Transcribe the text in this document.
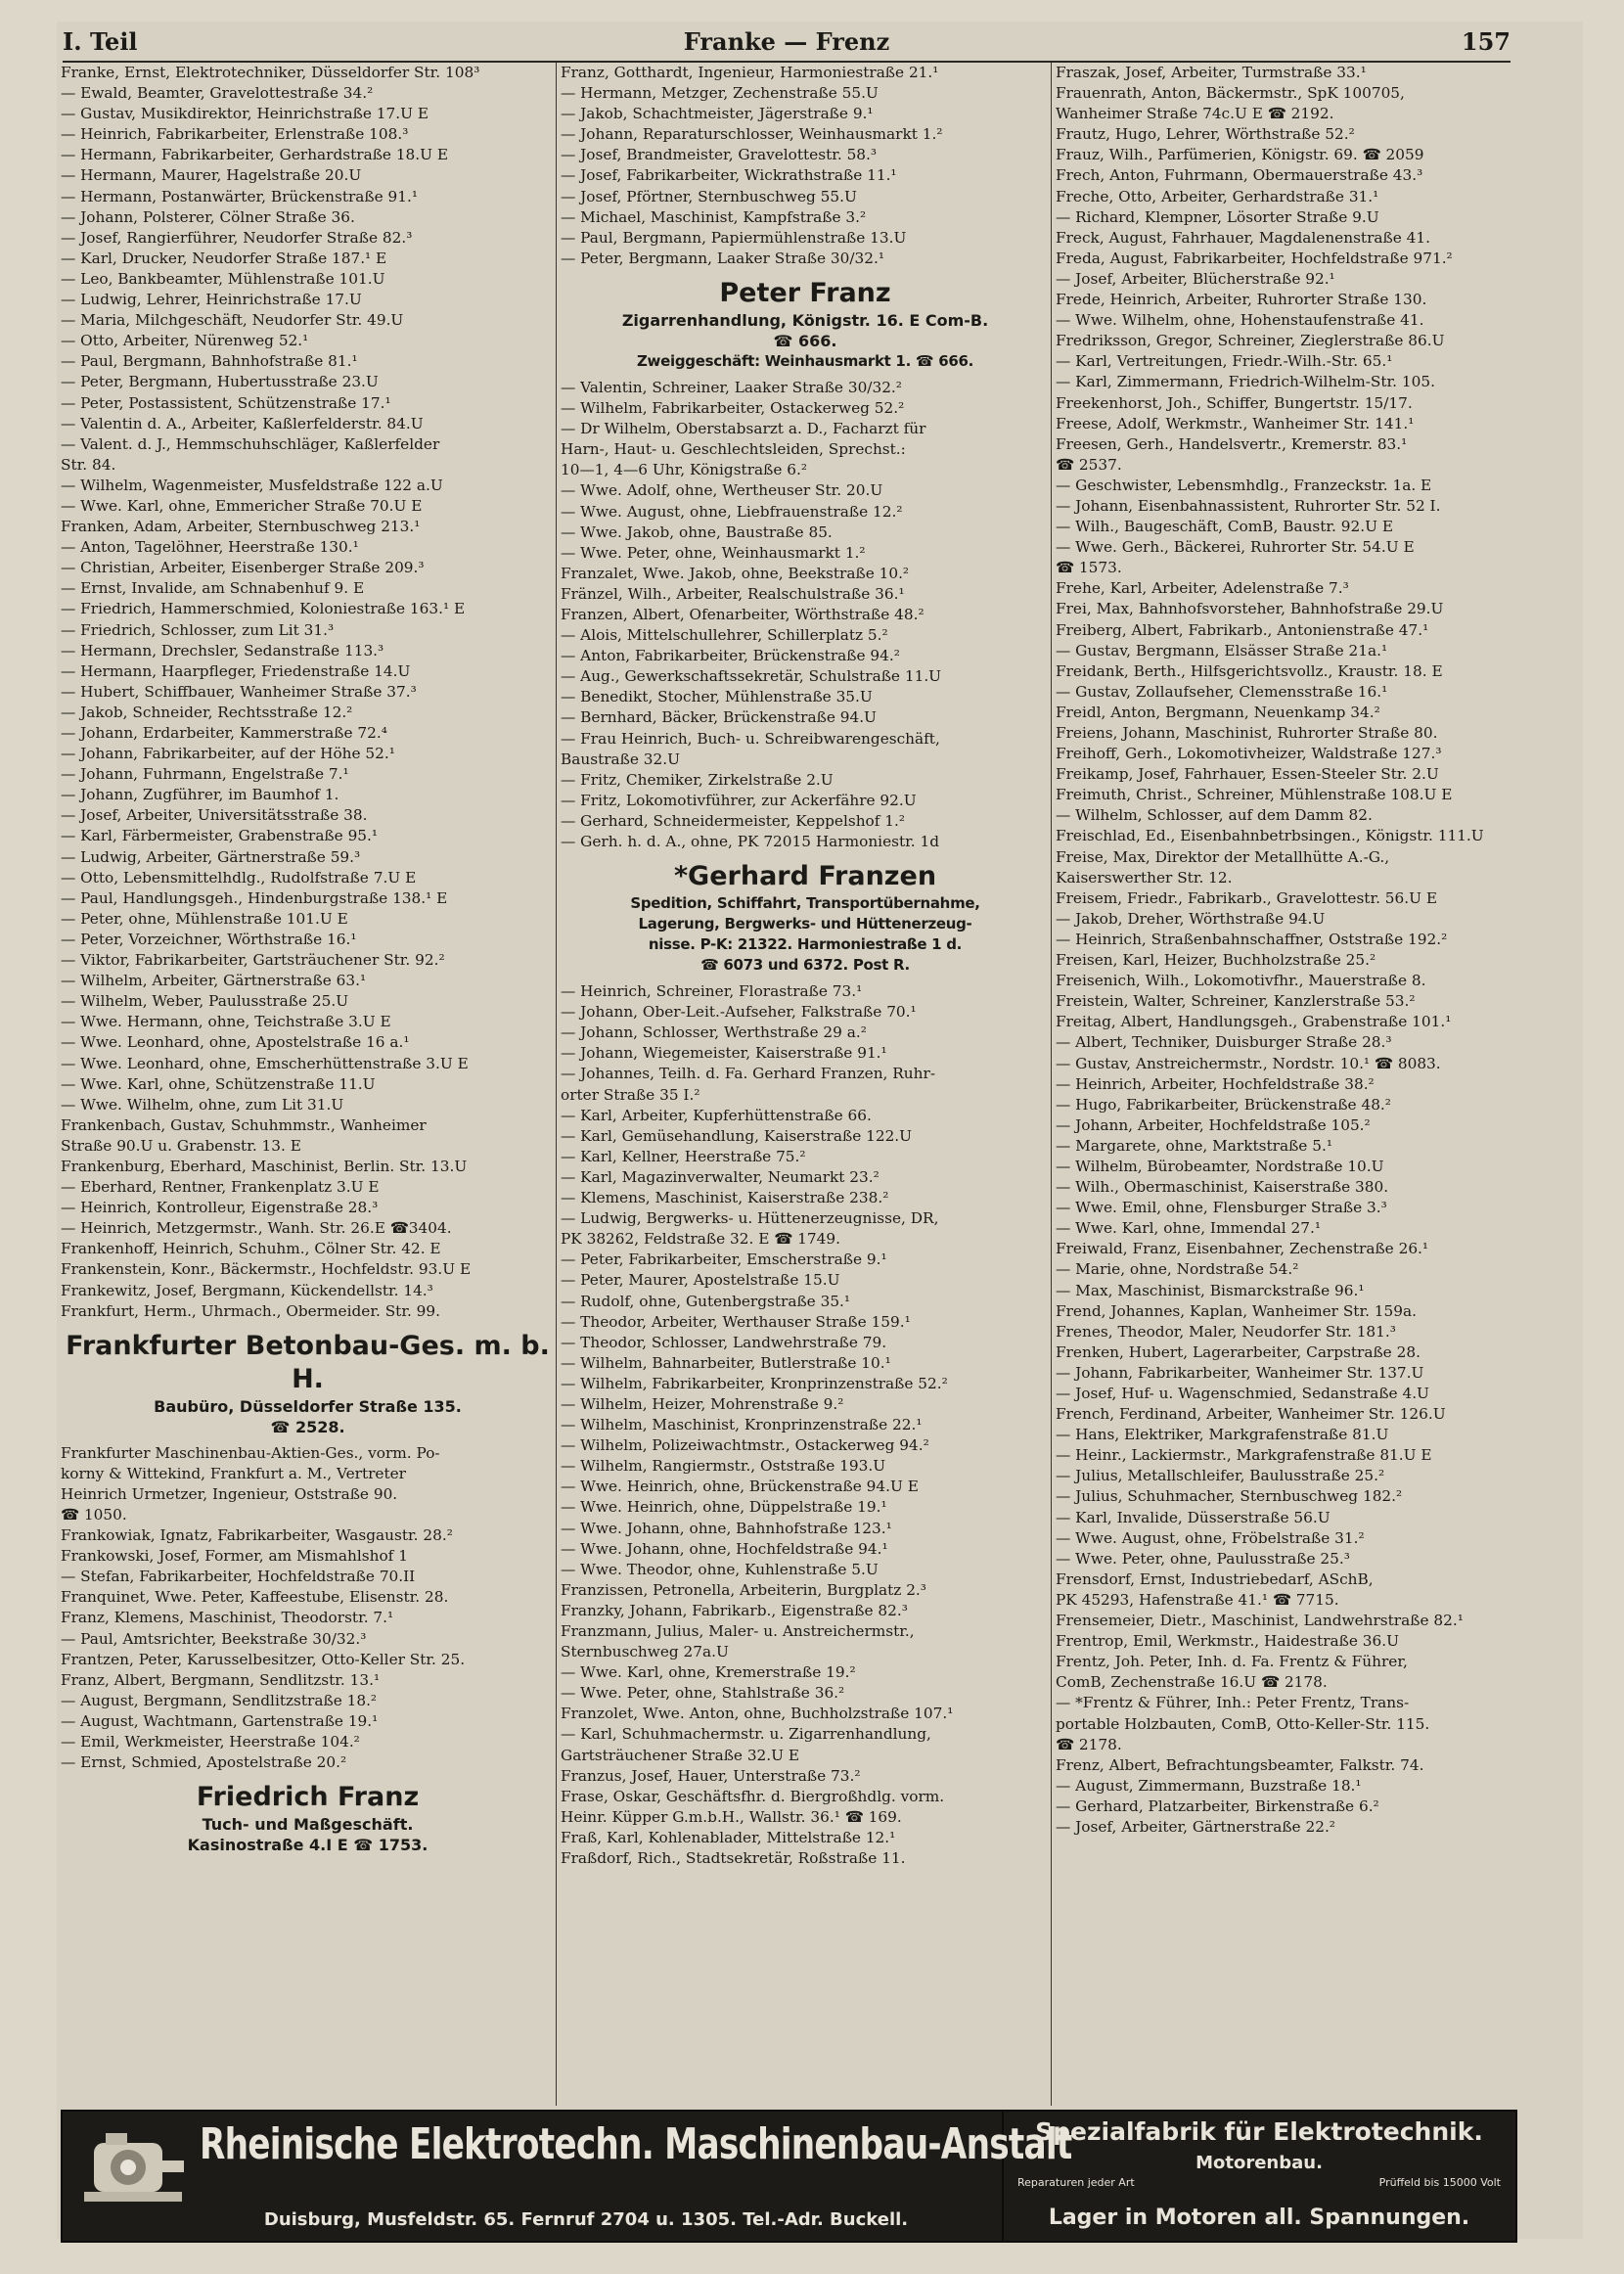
I. Teil	Franke — Frenz	157
Franke, Ernst, Elektrotechniker, Düsseldorfer Str. 108³
— Ewald, Beamter, Gravelottestraße 34.²
— Gustav, Musikdirektor, Heinrichstraße 17.U E
— Heinrich, Fabrikarbeiter, Erlenstraße 108.³
— Hermann, Fabrikarbeiter, Gerhardstraße 18.U E
— Hermann, Maurer, Hagelstraße 20.U
— Hermann, Postanwärter, Brückenstraße 91.¹
— Johann, Polsterer, Cölner Straße 36.
— Josef, Rangierführer, Neudorfer Straße 82.³
— Karl, Drucker, Neudorfer Straße 187.¹ E
— Leo, Bankbeamter, Mühlenstraße 101.U
— Ludwig, Lehrer, Heinrichstraße 17.U
— Maria, Milchgeschäft, Neudorfer Str. 49.U
— Otto, Arbeiter, Nürenweg 52.¹
— Paul, Bergmann, Bahnhofstraße 81.¹
— Peter, Bergmann, Hubertusstraße 23.U
— Peter, Postassistent, Schützenstraße 17.¹
— Valentin d. A., Arbeiter, Kaßlerfelderstr. 84.U
— Valent. d. J., Hemmschuhschläger, Kaßlerfelder
Str. 84.
— Wilhelm, Wagenmeister, Musfeldstraße 122 a.U
— Wwe. Karl, ohne, Emmericher Straße 70.U E
Franken, Adam, Arbeiter, Sternbuschweg 213.¹
— Anton, Tagelöhner, Heerstraße 130.¹
— Christian, Arbeiter, Eisenberger Straße 209.³
— Ernst, Invalide, am Schnabenhuf 9. E
— Friedrich, Hammerschmied, Koloniestraße 163.¹ E
— Friedrich, Schlosser, zum Lit 31.³
— Hermann, Drechsler, Sedanstraße 113.³
— Hermann, Haarpfleger, Friedenstraße 14.U
— Hubert, Schiffbauer, Wanheimer Straße 37.³
— Jakob, Schneider, Rechtsstraße 12.²
— Johann, Erdarbeiter, Kammerstraße 72.⁴
— Johann, Fabrikarbeiter, auf der Höhe 52.¹
— Johann, Fuhrmann, Engelstraße 7.¹
— Johann, Zugführer, im Baumhof 1.
— Josef, Arbeiter, Universitätsstraße 38.
— Karl, Färbermeister, Grabenstraße 95.¹
— Ludwig, Arbeiter, Gärtnerstraße 59.³
— Otto, Lebensmittelhdlg., Rudolfstraße 7.U E
— Paul, Handlungsgeh., Hindenburgstraße 138.¹ E
— Peter, ohne, Mühlenstraße 101.U E
— Peter, Vorzeichner, Wörthstraße 16.¹
— Viktor, Fabrikarbeiter, Gartsträuchener Str. 92.²
— Wilhelm, Arbeiter, Gärtnerstraße 63.¹
— Wilhelm, Weber, Paulusstraße 25.U
— Wwe. Hermann, ohne, Teichstraße 3.U E
— Wwe. Leonhard, ohne, Apostelstraße 16 a.¹
— Wwe. Leonhard, ohne, Emscherhüttenstraße 3.U E
— Wwe. Karl, ohne, Schützenstraße 11.U
— Wwe. Wilhelm, ohne, zum Lit 31.U
Frankenbach, Gustav, Schuhmmstr., Wanheimer
Straße 90.U u. Grabenstr. 13. E
Frankenburg, Eberhard, Maschinist, Berlin. Str. 13.U
— Eberhard, Rentner, Frankenplatz 3.U E
— Heinrich, Kontrolleur, Eigenstraße 28.³
— Heinrich, Metzgermstr., Wanh. Str. 26.E ☎3404.
Frankenhoff, Heinrich, Schuhm., Cölner Str. 42. E
Frankenstein, Konr., Bäckermstr., Hochfeldstr. 93.U E
Frankewitz, Josef, Bergmann, Kückendellstr. 14.³
Frankfurt, Herm., Uhrmach., Obermeider. Str. 99.
Frankfurter Betonbau-Ges. m. b. H.
Baubüro, Düsseldorfer Straße 135.
☎ 2528.
Frankfurter Maschinenbau-Aktien-Ges., vorm. Po-
korny & Wittekind, Frankfurt a. M., Vertreter
Heinrich Urmetzer, Ingenieur, Oststraße 90.
☎ 1050.
Frankowiak, Ignatz, Fabrikarbeiter, Wasgaustr. 28.²
Frankowski, Josef, Former, am Mismahlshof 1
— Stefan, Fabrikarbeiter, Hochfeldstraße 70.II
Franquinet, Wwe. Peter, Kaffeestube, Elisenstr. 28.
Franz, Klemens, Maschinist, Theodorstr. 7.¹
— Paul, Amtsrichter, Beekstraße 30/32.³
Frantzen, Peter, Karusselbesitzer, Otto-Keller Str. 25.
Franz, Albert, Bergmann, Sendlitzstr. 13.¹
— August, Bergmann, Sendlitzstraße 18.²
— August, Wachtmann, Gartenstraße 19.¹
— Emil, Werkmeister, Heerstraße 104.²
— Ernst, Schmied, Apostelstraße 20.²
Friedrich Franz
Tuch- und Maßgeschäft.
Kasinostraße 4.I E ☎ 1753.
Franz, Gotthardt, Ingenieur, Harmoniestraße 21.¹
— Hermann, Metzger, Zechenstraße 55.U
— Jakob, Schachtmeister, Jägerstraße 9.¹
— Johann, Reparaturschlosser, Weinhausmarkt 1.²
— Josef, Brandmeister, Gravelottestr. 58.³
— Josef, Fabrikarbeiter, Wickrathstraße 11.¹
— Josef, Pförtner, Sternbuschweg 55.U
— Michael, Maschinist, Kampfstraße 3.²
— Paul, Bergmann, Papiermühlenstraße 13.U
— Peter, Bergmann, Laaker Straße 30/32.¹
Peter Franz
Zigarrenhandlung, Königstr. 16. E Com-B.
☎ 666.
Zweiggeschäft: Weinhausmarkt 1. ☎ 666.
— Valentin, Schreiner, Laaker Straße 30/32.²
— Wilhelm, Fabrikarbeiter, Ostackerweg 52.²
— Dr Wilhelm, Oberstabsarzt a. D., Facharzt für
Harn-, Haut- u. Geschlechtsleiden, Sprechst.:
10—1, 4—6 Uhr, Königstraße 6.²
— Wwe. Adolf, ohne, Wertheuser Str. 20.U
— Wwe. August, ohne, Liebfrauenstraße 12.²
— Wwe. Jakob, ohne, Baustraße 85.
— Wwe. Peter, ohne, Weinhausmarkt 1.²
Franzalet, Wwe. Jakob, ohne, Beekstraße 10.²
Fränzel, Wilh., Arbeiter, Realschulstraße 36.¹
Franzen, Albert, Ofenarbeiter, Wörthstraße 48.²
— Alois, Mittelschullehrer, Schillerplatz 5.²
— Anton, Fabrikarbeiter, Brückenstraße 94.²
— Aug., Gewerkschaftssekretär, Schulstraße 11.U
— Benedikt, Stocher, Mühlenstraße 35.U
— Bernhard, Bäcker, Brückenstraße 94.U
— Frau Heinrich, Buch- u. Schreibwarengeschäft,
Baustraße 32.U
— Fritz, Chemiker, Zirkelstraße 2.U
— Fritz, Lokomotivführer, zur Ackerfähre 92.U
— Gerhard, Schneidermeister, Keppelshof 1.²
— Gerh. h. d. A., ohne, PK 72015 Harmoniestr. 1d
*Gerhard Franzen
Spedition, Schiffahrt, Transportübernahme,
Lagerung, Bergwerks- und Hüttenerzeug-
nisse. P-K: 21322. Harmoniestraße 1 d.
☎ 6073 und 6372. Post R.
— Heinrich, Schreiner, Florastraße 73.¹
— Johann, Ober-Leit.-Aufseher, Falkstraße 70.¹
— Johann, Schlosser, Werthstraße 29 a.²
— Johann, Wiegemeister, Kaiserstraße 91.¹
— Johannes, Teilh. d. Fa. Gerhard Franzen, Ruhr-
orter Straße 35 I.²
— Karl, Arbeiter, Kupferhüttenstraße 66.
— Karl, Gemüsehandlung, Kaiserstraße 122.U
— Karl, Kellner, Heerstraße 75.²
— Karl, Magazinverwalter, Neumarkt 23.²
— Klemens, Maschinist, Kaiserstraße 238.²
— Ludwig, Bergwerks- u. Hüttenerzeugnisse, DR,
PK 38262, Feldstraße 32. E ☎ 1749.
— Peter, Fabrikarbeiter, Emscherstraße 9.¹
— Peter, Maurer, Apostelstraße 15.U
— Rudolf, ohne, Gutenbergstraße 35.¹
— Theodor, Arbeiter, Werthauser Straße 159.¹
— Theodor, Schlosser, Landwehrstraße 79.
— Wilhelm, Bahnarbeiter, Butlerstraße 10.¹
— Wilhelm, Fabrikarbeiter, Kronprinzenstraße 52.²
— Wilhelm, Heizer, Mohrenstraße 9.²
— Wilhelm, Maschinist, Kronprinzenstraße 22.¹
— Wilhelm, Polizeiwachtmstr., Ostackerweg 94.²
— Wilhelm, Rangiermstr., Oststraße 193.U
— Wwe. Heinrich, ohne, Brückenstraße 94.U E
— Wwe. Heinrich, ohne, Düppelstraße 19.¹
— Wwe. Johann, ohne, Bahnhofstraße 123.¹
— Wwe. Johann, ohne, Hochfeldstraße 94.¹
— Wwe. Theodor, ohne, Kuhlenstraße 5.U
Franzissen, Petronella, Arbeiterin, Burgplatz 2.³
Franzky, Johann, Fabrikarb., Eigenstraße 82.³
Franzmann, Julius, Maler- u. Anstreichermstr.,
Sternbuschweg 27a.U
— Wwe. Karl, ohne, Kremerstraße 19.²
— Wwe. Peter, ohne, Stahlstraße 36.²
Franzolet, Wwe. Anton, ohne, Buchholzstraße 107.¹
— Karl, Schuhmachermstr. u. Zigarrenhandlung,
Gartsträuchener Straße 32.U E
Franzus, Josef, Hauer, Unterstraße 73.²
Frase, Oskar, Geschäftsfhr. d. Biergroßhdlg. vorm.
Heinr. Küpper G.m.b.H., Wallstr. 36.¹ ☎ 169.
Fraß, Karl, Kohlenablader, Mittelstraße 12.¹
Fraßdorf, Rich., Stadtsekretär, Roßstraße 11.
Fraszak, Josef, Arbeiter, Turmstraße 33.¹
Frauenrath, Anton, Bäckermstr., SpK 100705,
Wanheimer Straße 74c.U E ☎ 2192.
Frautz, Hugo, Lehrer, Wörthstraße 52.²
Frauz, Wilh., Parfümerien, Königstr. 69. ☎ 2059
Frech, Anton, Fuhrmann, Obermauerstraße 43.³
Freche, Otto, Arbeiter, Gerhardstraße 31.¹
— Richard, Klempner, Lösorter Straße 9.U
Freck, August, Fahrhauer, Magdalenenstraße 41.
Freda, August, Fabrikarbeiter, Hochfeldstraße 971.²
— Josef, Arbeiter, Blücherstraße 92.¹
Frede, Heinrich, Arbeiter, Ruhrorter Straße 130.
— Wwe. Wilhelm, ohne, Hohenstaufenstraße 41.
Fredriksson, Gregor, Schreiner, Zieglerstraße 86.U
— Karl, Vertreitungen, Friedr.-Wilh.-Str. 65.¹
— Karl, Zimmermann, Friedrich-Wilhelm-Str. 105.
Freekenhorst, Joh., Schiffer, Bungertstr. 15/17.
Freese, Adolf, Werkmstr., Wanheimer Str. 141.¹
Freesen, Gerh., Handelsvertr., Kremerstr. 83.¹
☎ 2537.
— Geschwister, Lebensmhdlg., Franzeckstr. 1a. E
— Johann, Eisenbahnassistent, Ruhrorter Str. 52 I.
— Wilh., Baugeschäft, ComB, Baustr. 92.U E
— Wwe. Gerh., Bäckerei, Ruhrorter Str. 54.U E
☎ 1573.
Frehe, Karl, Arbeiter, Adelenstraße 7.³
Frei, Max, Bahnhofsvorsteher, Bahnhofstraße 29.U
Freiberg, Albert, Fabrikarb., Antonienstraße 47.¹
— Gustav, Bergmann, Elsässer Straße 21a.¹
Freidank, Berth., Hilfsgerichtsvollz., Kraustr. 18. E
— Gustav, Zollaufseher, Clemensstraße 16.¹
Freidl, Anton, Bergmann, Neuenkamp 34.²
Freiens, Johann, Maschinist, Ruhrorter Straße 80.
Freihoff, Gerh., Lokomotivheizer, Waldstraße 127.³
Freikamp, Josef, Fahrhauer, Essen-Steeler Str. 2.U
Freimuth, Christ., Schreiner, Mühlenstraße 108.U E
— Wilhelm, Schlosser, auf dem Damm 82.
Freischlad, Ed., Eisenbahnbetrbsingen., Königstr. 111.U
Freise, Max, Direktor der Metallhütte A.-G.,
Kaiserswerther Str. 12.
Freisem, Friedr., Fabrikarb., Gravelottestr. 56.U E
— Jakob, Dreher, Wörthstraße 94.U
— Heinrich, Straßenbahnschaffner, Oststraße 192.²
Freisen, Karl, Heizer, Buchholzstraße 25.²
Freisenich, Wilh., Lokomotivfhr., Mauerstraße 8.
Freistein, Walter, Schreiner, Kanzlerstraße 53.²
Freitag, Albert, Handlungsgeh., Grabenstraße 101.¹
— Albert, Techniker, Duisburger Straße 28.³
— Gustav, Anstreichermstr., Nordstr. 10.¹ ☎ 8083.
— Heinrich, Arbeiter, Hochfeldstraße 38.²
— Hugo, Fabrikarbeiter, Brückenstraße 48.²
— Johann, Arbeiter, Hochfeldstraße 105.²
— Margarete, ohne, Marktstraße 5.¹
— Wilhelm, Bürobeamter, Nordstraße 10.U
— Wilh., Obermaschinist, Kaiserstraße 380.
— Wwe. Emil, ohne, Flensburger Straße 3.³
— Wwe. Karl, ohne, Immendal 27.¹
Freiwald, Franz, Eisenbahner, Zechenstraße 26.¹
— Marie, ohne, Nordstraße 54.²
— Max, Maschinist, Bismarckstraße 96.¹
Frend, Johannes, Kaplan, Wanheimer Str. 159a.
Frenes, Theodor, Maler, Neudorfer Str. 181.³
Frenken, Hubert, Lagerarbeiter, Carpstraße 28.
— Johann, Fabrikarbeiter, Wanheimer Str. 137.U
— Josef, Huf- u. Wagenschmied, Sedanstraße 4.U
French, Ferdinand, Arbeiter, Wanheimer Str. 126.U
— Hans, Elektriker, Markgrafenstraße 81.U
— Heinr., Lackiermstr., Markgrafenstraße 81.U E
— Julius, Metallschleifer, Baulusstraße 25.²
— Julius, Schuhmacher, Sternbuschweg 182.²
— Karl, Invalide, Düsserstraße 56.U
— Wwe. August, ohne, Fröbelstraße 31.²
— Wwe. Peter, ohne, Paulusstraße 25.³
Frensdorf, Ernst, Industriebedarf, ASchB,
PK 45293, Hafenstraße 41.¹ ☎ 7715.
Frensemeier, Dietr., Maschinist, Landwehrstraße 82.¹
Frentrop, Emil, Werkmstr., Haidestraße 36.U
Frentz, Joh. Peter, Inh. d. Fa. Frentz & Führer,
ComB, Zechenstraße 16.U ☎ 2178.
— *Frentz & Führer, Inh.: Peter Frentz, Trans-
portable Holzbauten, ComB, Otto-Keller-Str. 115.
☎ 2178.
Frenz, Albert, Befrachtungsbeamter, Falkstr. 74.
— August, Zimmermann, Buzstraße 18.¹
— Gerhard, Platzarbeiter, Birkenstraße 6.²
— Josef, Arbeiter, Gärtnerstraße 22.²
Rheinische Elektrotechn. Maschinenbau-Anstalt
Duisburg, Musfeldstr. 65. Fernruf 2704 u. 1305. Tel.-Adr. Buckell.
Spezialfabrik für Elektrotechnik.
Motorenbau.
Reparaturen jeder Art	Prüffeld bis 15000 Volt
Lager in Motoren all. Spannungen.
